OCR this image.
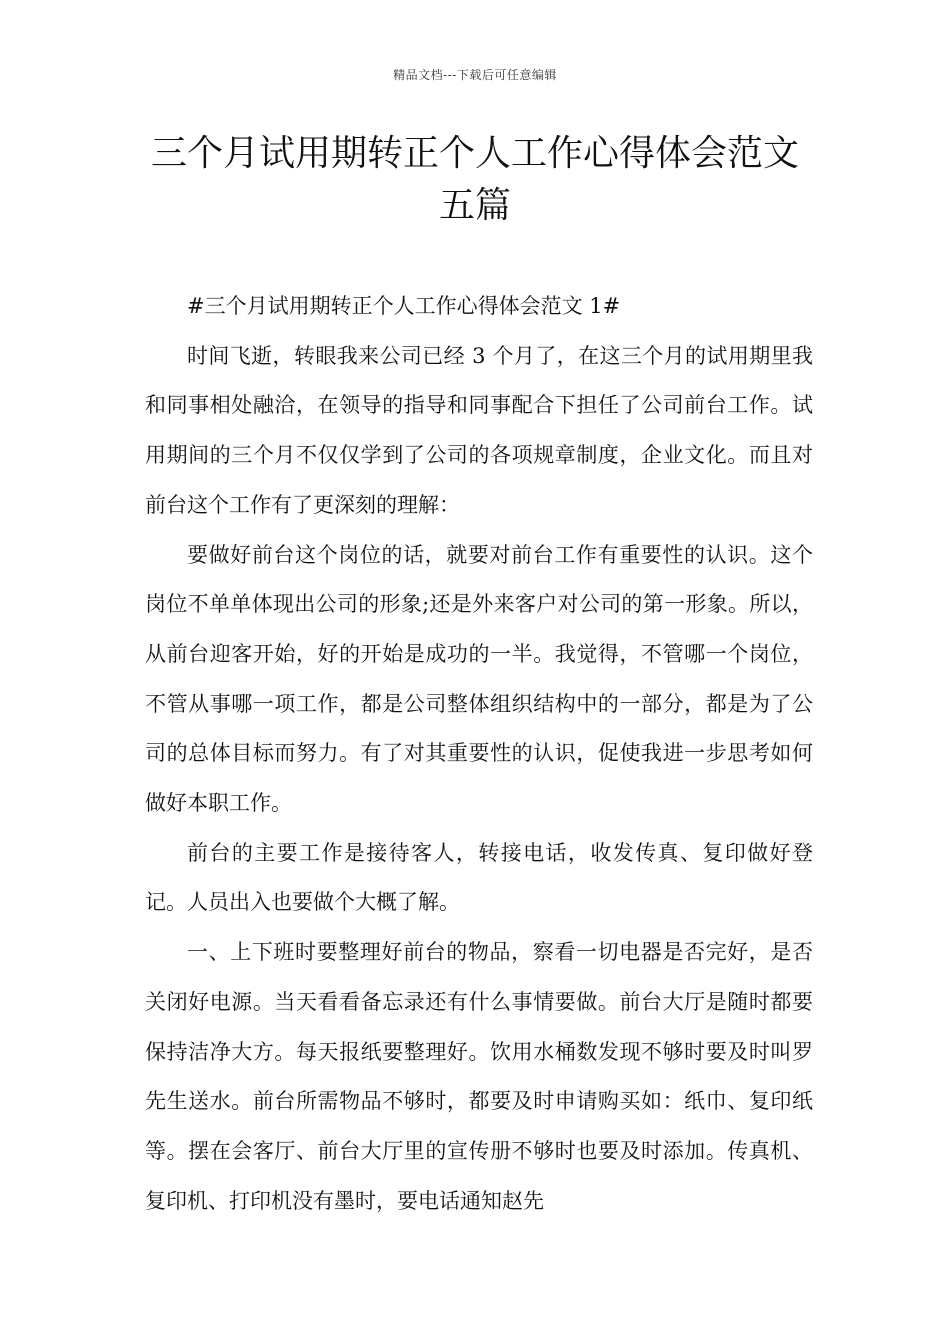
精品文档---下载后可任意编辑
三个月试用期转正个人工作心得体会范文五篇

#三个月试用期转正个人工作心得体会范文 1#

时间飞逝，转眼我来公司已经 3 个月了，在这三个月的试用期里我和同事相处融洽，在领导的指导和同事配合下担任了公司前台工作。试用期间的三个月不仅仅学到了公司的各项规章制度，企业文化。而且对前台这个工作有了更深刻的理解：

要做好前台这个岗位的话，就要对前台工作有重要性的认识。这个岗位不单单体现出公司的形象;还是外来客户对公司的第一形象。所以，从前台迎客开始，好的开始是成功的一半。我觉得，不管哪一个岗位，不管从事哪一项工作，都是公司整体组织结构中的一部分，都是为了公司的总体目标而努力。有了对其重要性的认识，促使我进一步思考如何做好本职工作。

前台的主要工作是接待客人，转接电话，收发传真、复印做好登记。人员出入也要做个大概了解。

一、上下班时要整理好前台的物品，察看一切电器是否完好，是否关闭好电源。当天看看备忘录还有什么事情要做。前台大厅是随时都要保持洁净大方。每天报纸要整理好。饮用水桶数发现不够时要及时叫罗先生送水。前台所需物品不够时，都要及时申请购买如：纸巾、复印纸等。摆在会客厅、前台大厅里的宣传册不够时也要及时添加。传真机、复印机、打印机没有墨时，要电话通知赵先
